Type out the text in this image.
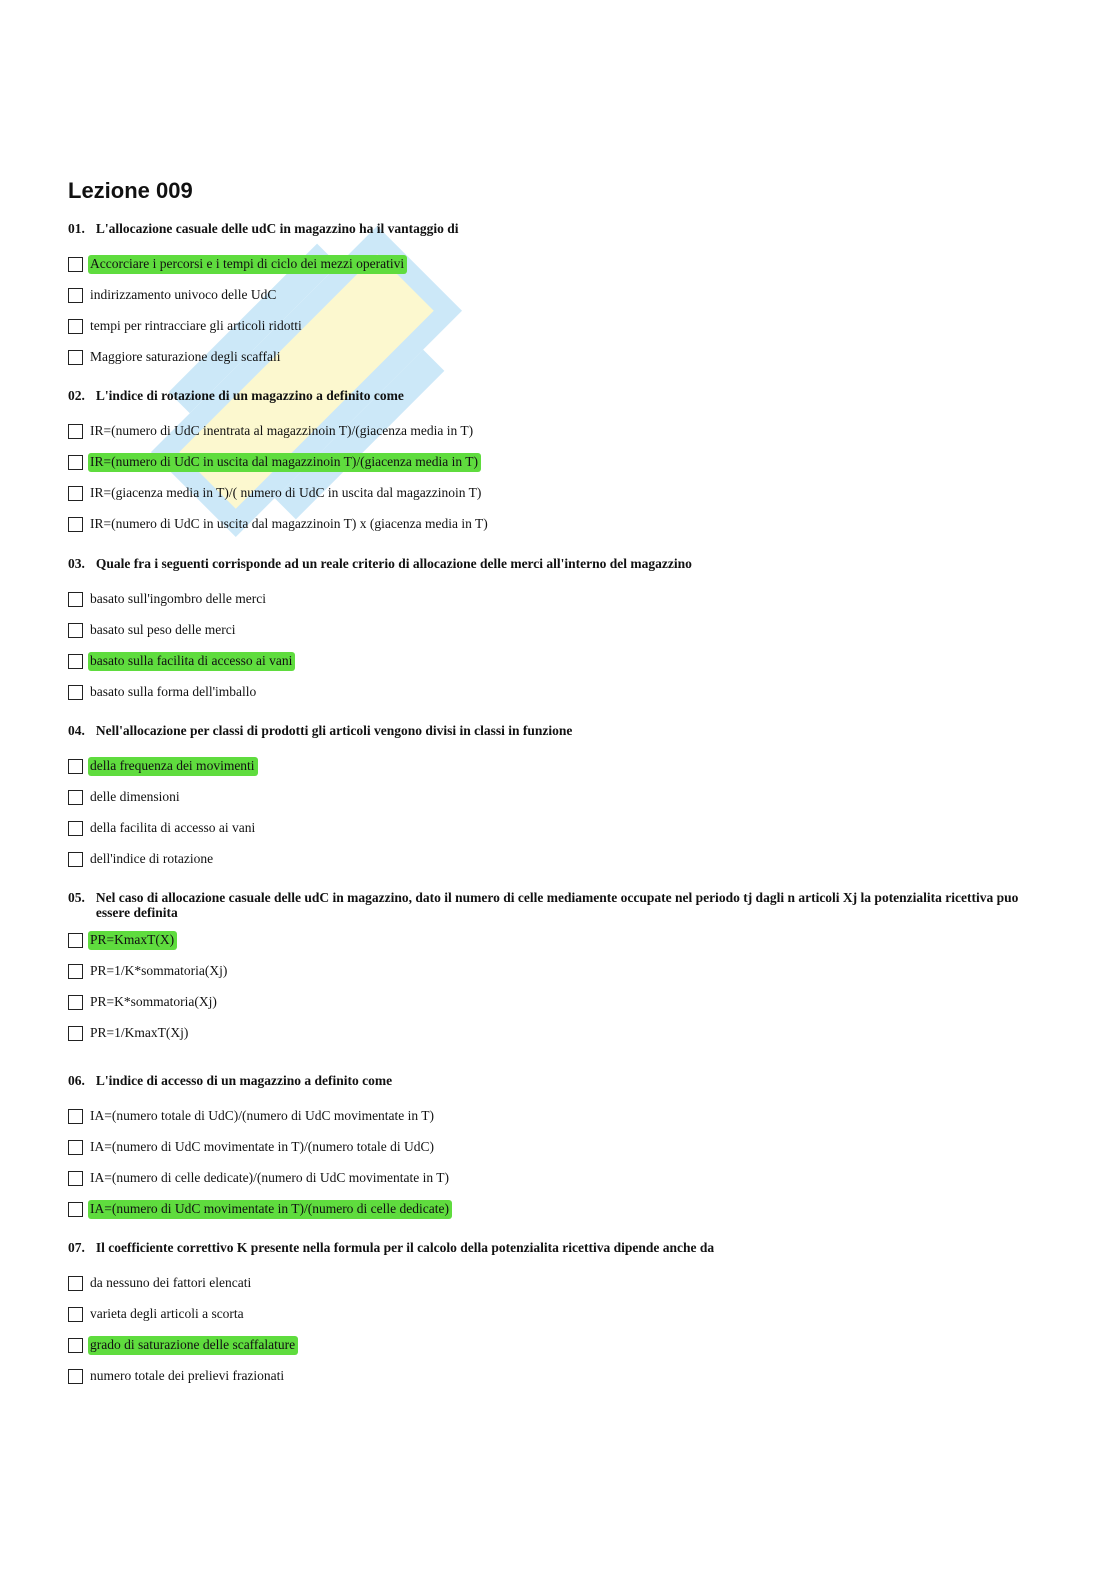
Lezione 009
01. L'allocazione casuale delle udC in magazzino ha il vantaggio di
Accorciare i percorsi e i tempi di ciclo dei mezzi operativi
indirizzamento univoco delle UdC
tempi per rintracciare gli articoli ridotti
Maggiore saturazione degli scaffali
02. L'indice di rotazione di un magazzino a definito come
IR=(numero di UdC inentrata al magazzinoin T)/(giacenza media in T)
IR=(numero di UdC in uscita dal magazzinoin T)/(giacenza media in T)
IR=(giacenza media in T)/( numero di UdC in uscita dal magazzinoin T)
IR=(numero di UdC in uscita dal magazzinoin T) x (giacenza media in T)
03. Quale fra i seguenti corrisponde ad un reale criterio di allocazione delle merci all'interno del magazzino
basato sull'ingombro delle merci
basato sul peso delle merci
basato sulla facilita di accesso ai vani
basato sulla forma dell'imballo
04. Nell'allocazione per classi di prodotti gli articoli vengono divisi in classi in funzione
della frequenza dei movimenti
delle dimensioni
della facilita di accesso ai vani
dell'indice di rotazione
05. Nel caso di allocazione casuale delle udC in magazzino, dato il numero di celle mediamente occupate nel periodo tj dagli n articoli Xj la potenzialita ricettiva puo essere definita
PR=KmaxT(X)
PR=1/K*sommatoria(Xj)
PR=K*sommatoria(Xj)
PR=1/KmaxT(Xj)
06. L'indice di accesso di un magazzino a definito come
IA=(numero totale di UdC)/(numero di UdC movimentate in T)
IA=(numero di UdC movimentate in T)/(numero totale di UdC)
IA=(numero di celle dedicate)/(numero di UdC movimentate in T)
IA=(numero di UdC movimentate in T)/(numero di celle dedicate)
07. Il coefficiente correttivo K presente nella formula per il calcolo della potenzialita ricettiva dipende anche da
da nessuno dei fattori elencati
varieta degli articoli a scorta
grado di saturazione delle scaffalature
numero totale dei prelievi frazionati
